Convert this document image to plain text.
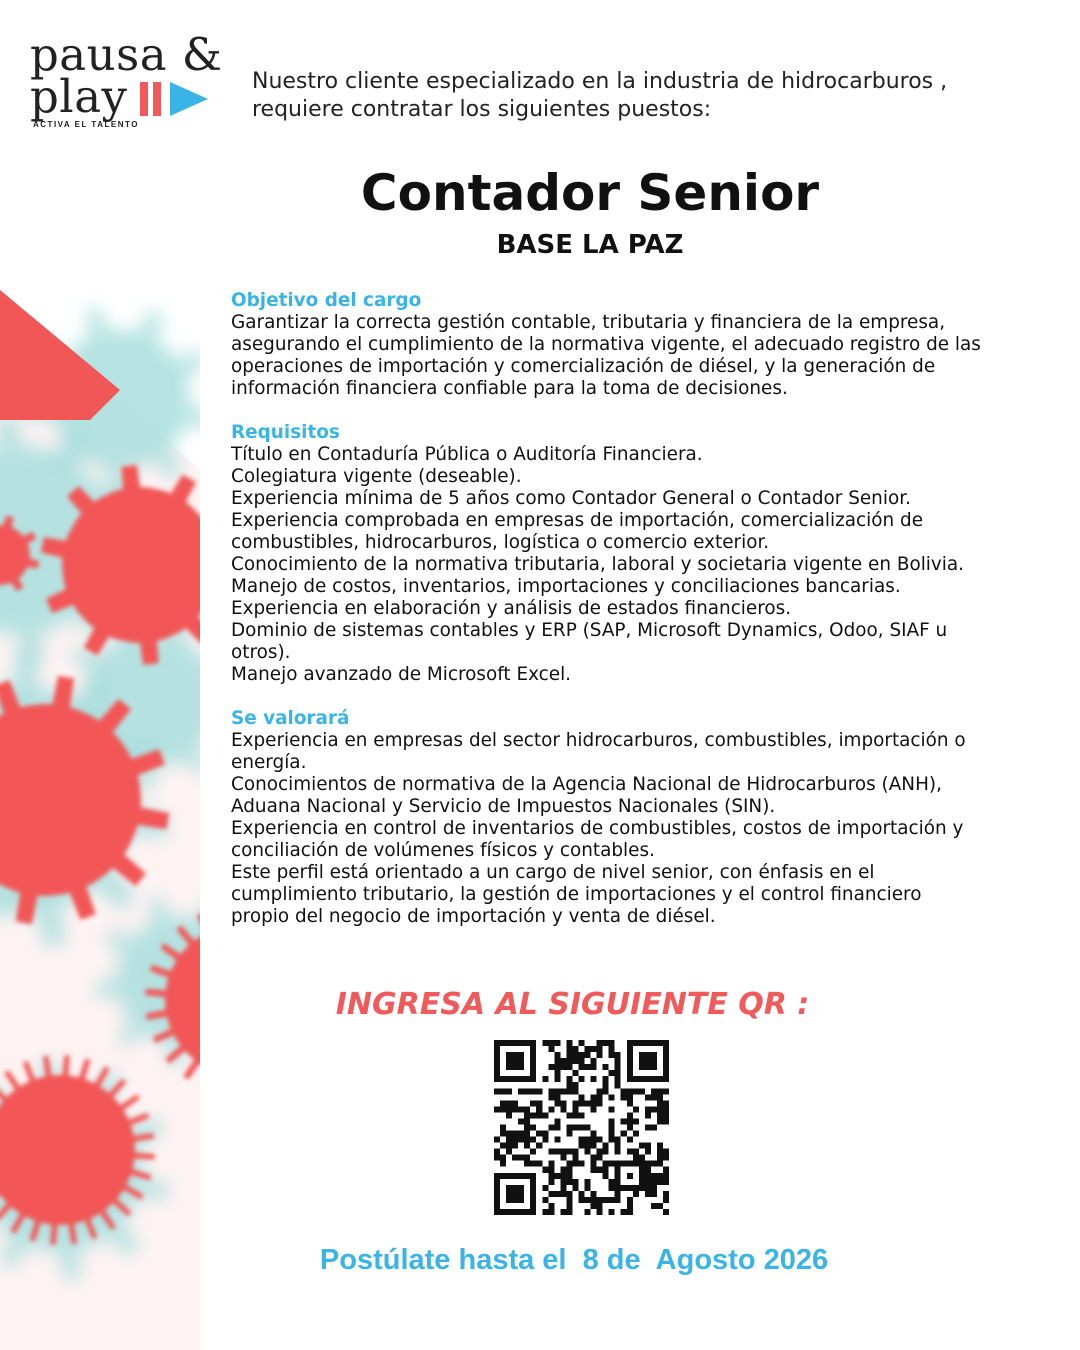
pausa &
play
ACTIVA EL TALENTO
Nuestro cliente especializado en la industria de hidrocarburos ,
requiere contratar los siguientes puestos:
Contador Senior
BASE LA PAZ
Objetivo del cargo
Garantizar la correcta gestión contable, tributaria y financiera de la empresa,
asegurando el cumplimiento de la normativa vigente, el adecuado registro de las
operaciones de importación y comercialización de diésel, y la generación de
información financiera confiable para la toma de decisiones.
Requisitos
Título en Contaduría Pública o Auditoría Financiera.
Colegiatura vigente (deseable).
Experiencia mínima de 5 años como Contador General o Contador Senior.
Experiencia comprobada en empresas de importación, comercialización de
combustibles, hidrocarburos, logística o comercio exterior.
Conocimiento de la normativa tributaria, laboral y societaria vigente en Bolivia.
Manejo de costos, inventarios, importaciones y conciliaciones bancarias.
Experiencia en elaboración y análisis de estados financieros.
Dominio de sistemas contables y ERP (SAP, Microsoft Dynamics, Odoo, SIAF u
otros).
Manejo avanzado de Microsoft Excel.
Se valorará
Experiencia en empresas del sector hidrocarburos, combustibles, importación o
energía.
Conocimientos de normativa de la Agencia Nacional de Hidrocarburos (ANH),
Aduana Nacional y Servicio de Impuestos Nacionales (SIN).
Experiencia en control de inventarios de combustibles, costos de importación y
conciliación de volúmenes físicos y contables.
Este perfil está orientado a un cargo de nivel senior, con énfasis en el
cumplimiento tributario, la gestión de importaciones y el control financiero
propio del negocio de importación y venta de diésel.
INGRESA AL SIGUIENTE QR :
Postúlate hasta el  8 de  Agosto 2026
